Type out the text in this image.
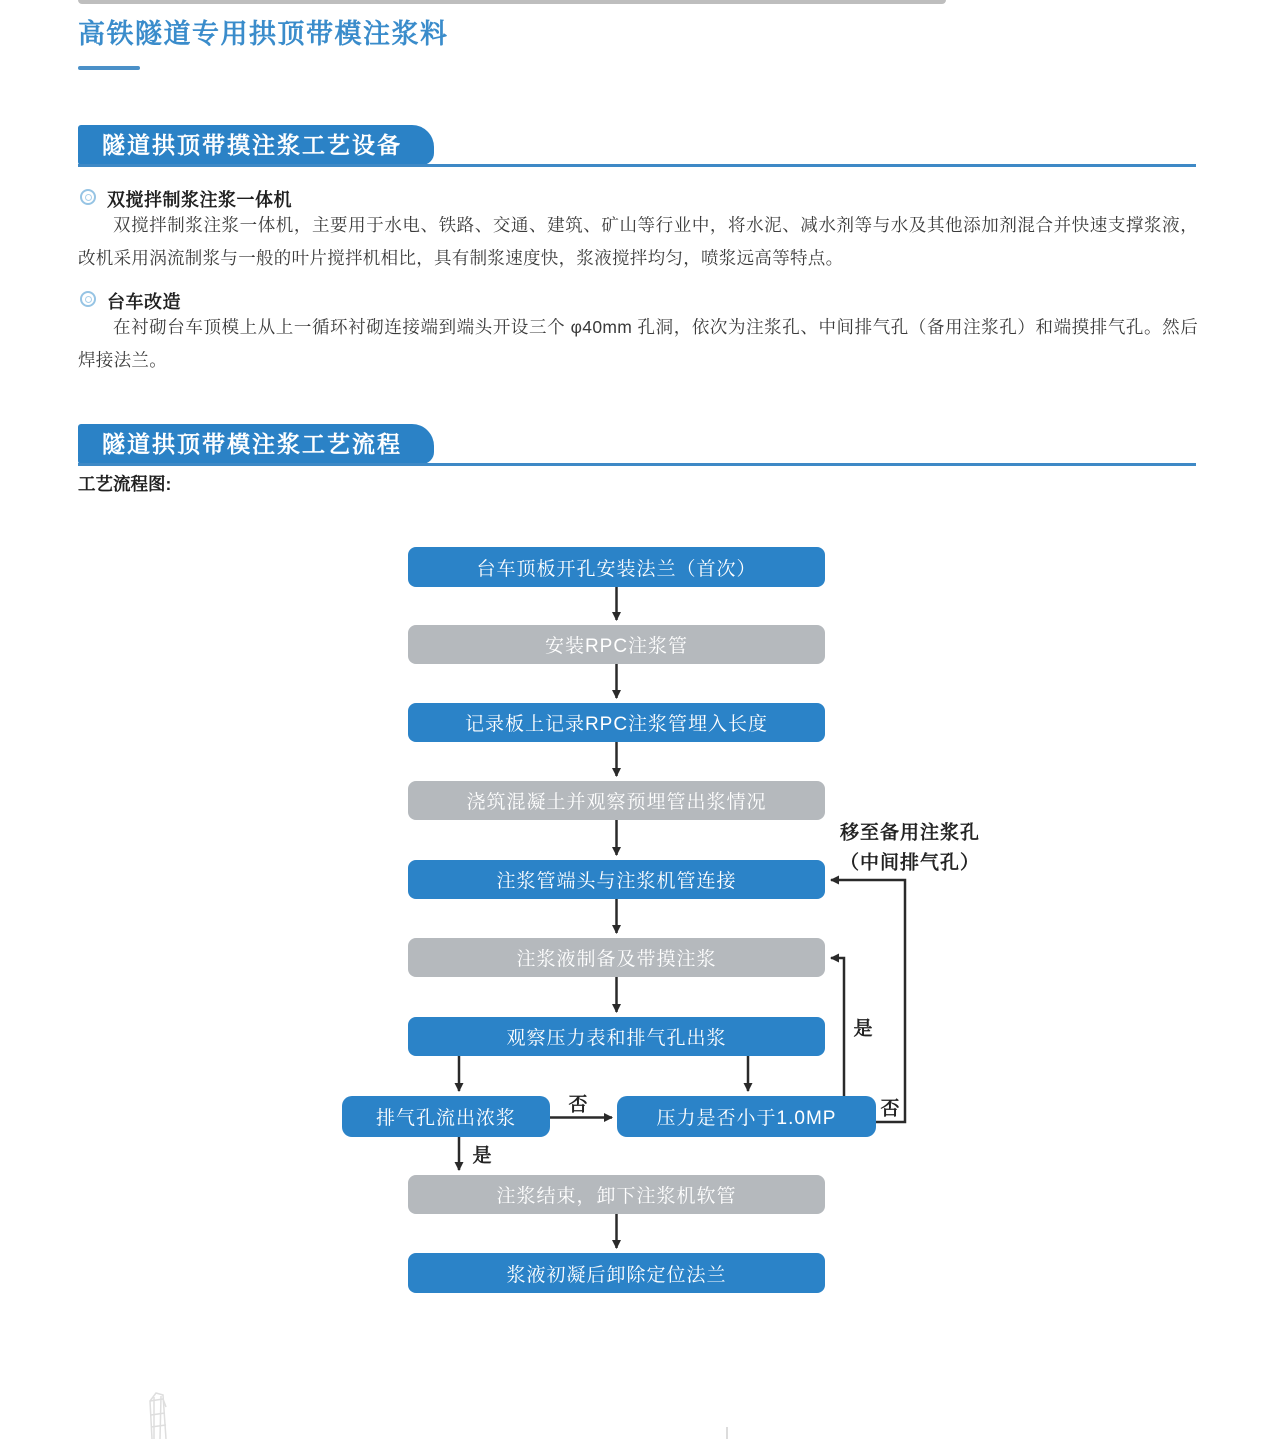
高铁隧道专用拱顶带模注浆料
隧道拱顶带摸注浆工艺设备
双搅拌制浆注浆一体机

双搅拌制浆注浆一体机，主要用于水电、铁路、交通、建筑、矿山等行业中，将水泥、减水剂等与水及其他添加剂混合并快速支撑浆液，改机采用涡流制浆与一般的叶片搅拌机相比，具有制浆速度快，浆液搅拌均匀，喷浆远高等特点。

台车改造

在衬砌台车顶模上从上一循环衬砌连接端到端头开设三个 φ40mm 孔洞，依次为注浆孔、中间排气孔（备用注浆孔）和端摸排气孔。然后焊接法兰。

隧道拱顶带模注浆工艺流程
工艺流程图:
台车顶板开孔安装法兰（首次）
安装RPC注浆管
记录板上记录RPC注浆管埋入长度
浇筑混凝土并观察预埋管出浆情况
注浆管端头与注浆机管连接
注浆液制备及带摸注浆
观察压力表和排气孔出浆
排气孔流出浓浆	压力是否小于1.0MP
注浆结束，卸下注浆机软管
浆液初凝后卸除定位法兰
否
是
是
否
移至备用注浆孔
（中间排气孔）
